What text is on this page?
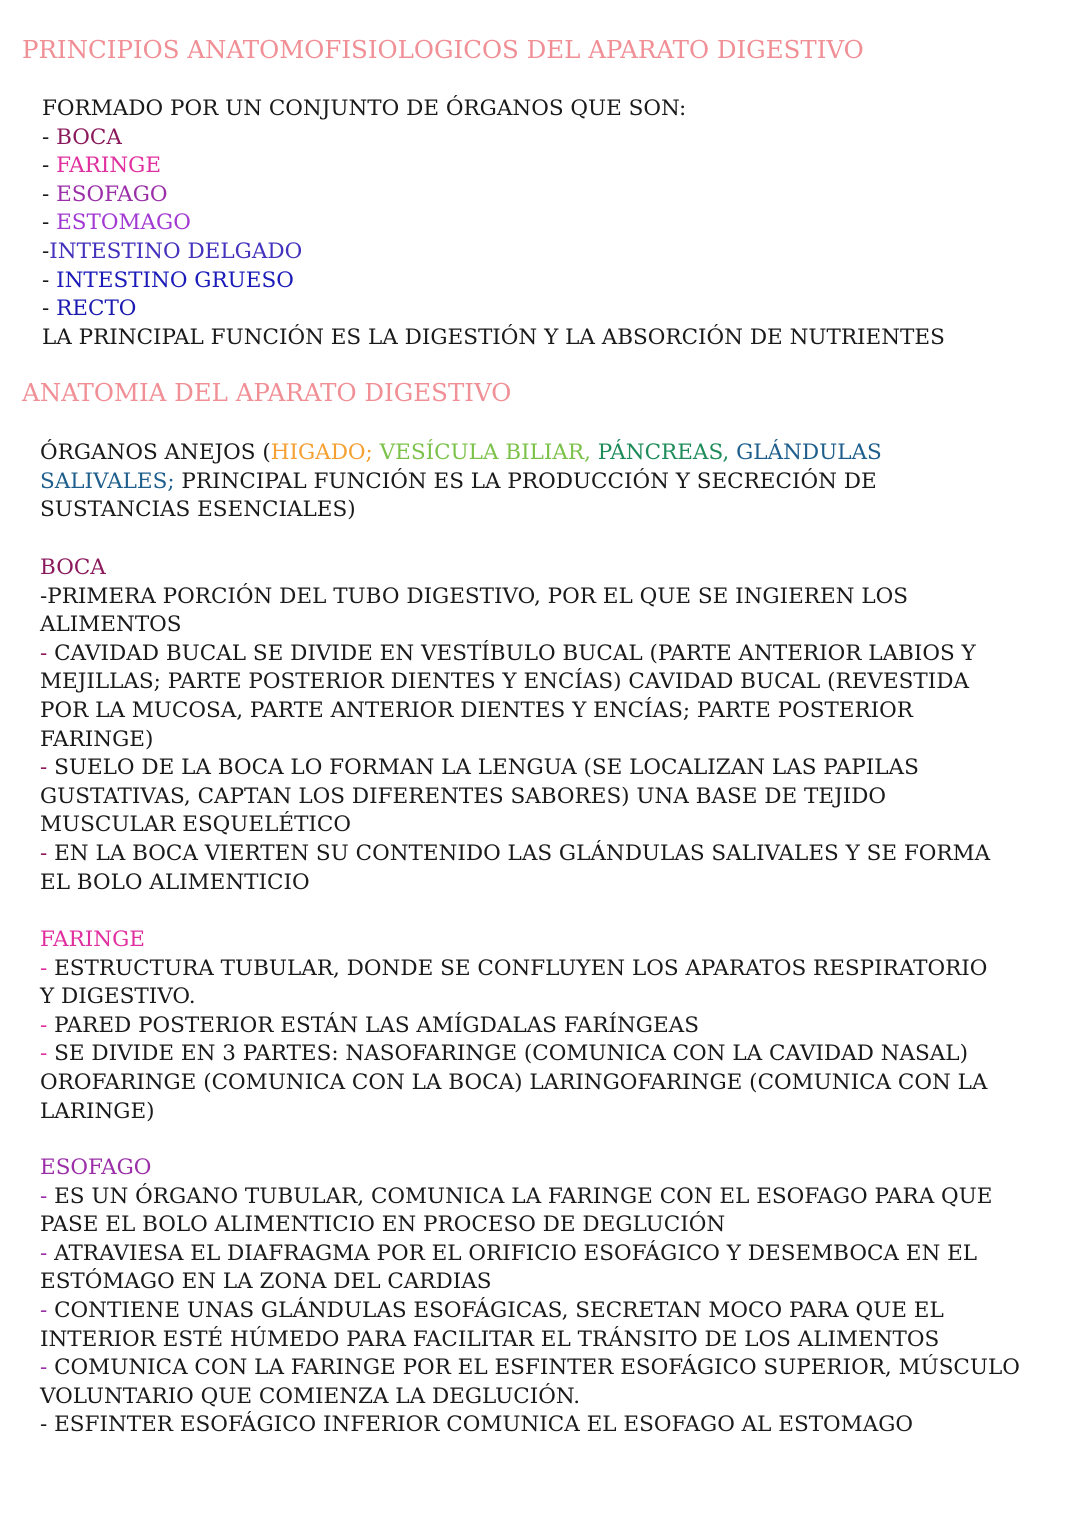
PRINCIPIOS ANATOMOFISIOLOGICOS DEL APARATO DIGESTIVO
FORMADO POR UN CONJUNTO DE ÓRGANOS QUE SON:
- BOCA
- FARINGE
- ESOFAGO
- ESTOMAGO
-INTESTINO DELGADO
- INTESTINO GRUESO
- RECTO
LA PRINCIPAL FUNCIÓN ES LA DIGESTIÓN Y LA ABSORCIÓN DE NUTRIENTES
ANATOMIA DEL APARATO DIGESTIVO
ÓRGANOS ANEJOS (HIGADO; VESÍCULA BILIAR, PÁNCREAS, GLÁNDULAS
SALIVALES; PRINCIPAL FUNCIÓN ES LA PRODUCCIÓN Y SECRECIÓN DE
SUSTANCIAS ESENCIALES)
BOCA
-PRIMERA PORCIÓN DEL TUBO DIGESTIVO, POR EL QUE SE INGIEREN LOS
ALIMENTOS
- CAVIDAD BUCAL SE DIVIDE EN VESTÍBULO BUCAL (PARTE ANTERIOR LABIOS Y
MEJILLAS; PARTE POSTERIOR DIENTES Y ENCÍAS) CAVIDAD BUCAL (REVESTIDA
POR LA MUCOSA, PARTE ANTERIOR DIENTES Y ENCÍAS; PARTE POSTERIOR
FARINGE)
- SUELO DE LA BOCA LO FORMAN LA LENGUA (SE LOCALIZAN LAS PAPILAS
GUSTATIVAS, CAPTAN LOS DIFERENTES SABORES) UNA BASE DE TEJIDO
MUSCULAR ESQUELÉTICO
- EN LA BOCA VIERTEN SU CONTENIDO LAS GLÁNDULAS SALIVALES Y SE FORMA
EL BOLO ALIMENTICIO
FARINGE
- ESTRUCTURA TUBULAR, DONDE SE CONFLUYEN LOS APARATOS RESPIRATORIO
Y DIGESTIVO.
- PARED POSTERIOR ESTÁN LAS AMÍGDALAS FARÍNGEAS
- SE DIVIDE EN 3 PARTES: NASOFARINGE (COMUNICA CON LA CAVIDAD NASAL)
OROFARINGE (COMUNICA CON LA BOCA) LARINGOFARINGE (COMUNICA CON LA
LARINGE)
ESOFAGO
- ES UN ÓRGANO TUBULAR, COMUNICA LA FARINGE CON EL ESOFAGO PARA QUE
PASE EL BOLO ALIMENTICIO EN PROCESO DE DEGLUCIÓN
- ATRAVIESA EL DIAFRAGMA POR EL ORIFICIO ESOFÁGICO Y DESEMBOCA EN EL
ESTÓMAGO EN LA ZONA DEL CARDIAS
- CONTIENE UNAS GLÁNDULAS ESOFÁGICAS, SECRETAN MOCO PARA QUE EL
INTERIOR ESTÉ HÚMEDO PARA FACILITAR EL TRÁNSITO DE LOS ALIMENTOS
- COMUNICA CON LA FARINGE POR EL ESFINTER ESOFÁGICO SUPERIOR, MÚSCULO
VOLUNTARIO QUE COMIENZA LA DEGLUCIÓN.
- ESFINTER ESOFÁGICO INFERIOR COMUNICA EL ESOFAGO AL ESTOMAGO
